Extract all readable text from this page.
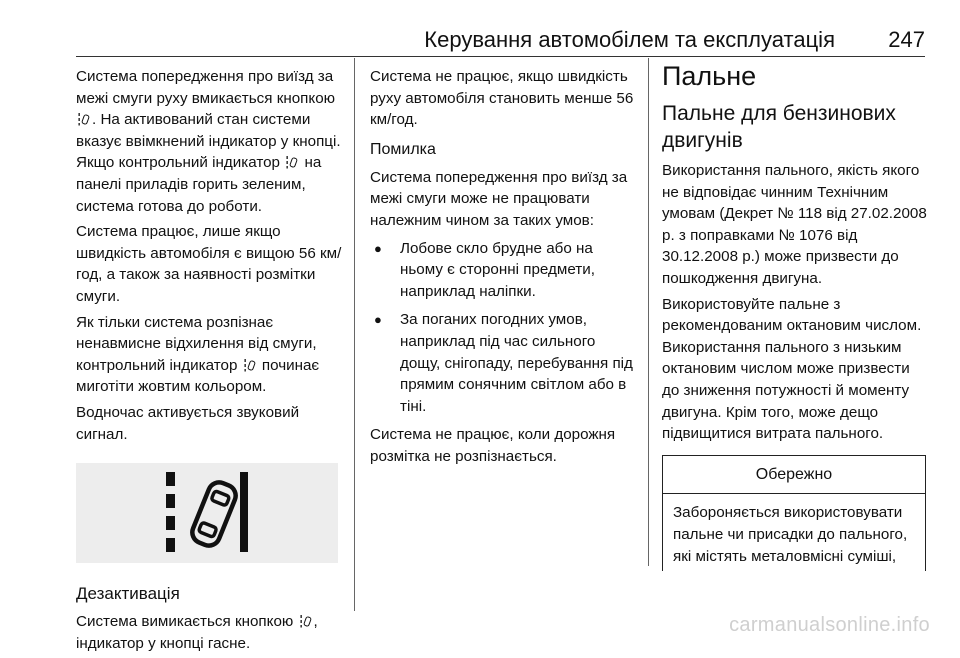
Керування автомобілем та експлуатація 247

Система попередження про виїзд за межі смуги руху вмикається кнопкою . На активований стан системи вказує ввімкнений індикатор у кнопці. Якщо контрольний індикатор на панелі приладів горить зеленим, система готова до роботи.

Система працює, лише якщо швидкість автомобіля є вищою 56 км/год, а також за наявності розмітки смуги.

Як тільки система розпізнає ненавмисне відхилення від смуги, контрольний індикатор починає миготіти жовтим кольором.

Водночас активується звуковий сигнал.

Дезактивація

Система вимикається кнопкою , індикатор у кнопці гасне.

Система не працює, якщо швидкість руху автомобіля становить менше 56 км/год.

Помилка

Система попередження про виїзд за межі смуги може не працювати належним чином за таких умов:

● Лобове скло брудне або на ньому є сторонні предмети, наприклад наліпки.
● За поганих погодних умов, наприклад під час сильного дощу, снігопаду, перебування під прямим сонячним світлом або в тіні.

Система не працює, коли дорожня розмітка не розпізнається.

Пальне
Пальне для бензинових двигунів

Використання пального, якість якого не відповідає чинним Технічним умовам (Декрет № 118 від 27.02.2008 р. з поправками № 1076 від 30.12.2008 р.) може призвести до пошкодження двигуна.

Використовуйте пальне з рекомендованим октановим числом. Використання пального з низьким октановим числом може призвести до зниження потужності й моменту двигуна. Крім того, може дещо підвищитися витрата пального.

Обережно
Забороняється використовувати пальне чи присадки до пального, які містять металовмісні суміші,
carmanualsonline.info
